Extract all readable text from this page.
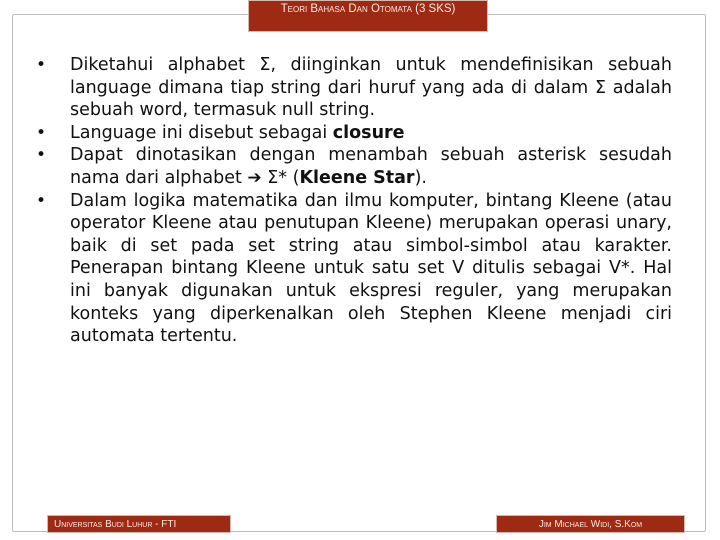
Teori Bahasa Dan Otomata (3 SKS)
• Diketahui alphabet Σ, diinginkan untuk mendefinisikan sebuah language dimana tiap string dari huruf yang ada di dalam Σ adalah sebuah word, termasuk null string.
• Language ini disebut sebagai closure
• Dapat dinotasikan dengan menambah sebuah asterisk sesudah nama dari alphabet ➔ Σ* (Kleene Star).
• Dalam logika matematika dan ilmu komputer, bintang Kleene (atau operator Kleene atau penutupan Kleene) merupakan operasi unary, baik di set pada set string atau simbol-simbol atau karakter. Penerapan bintang Kleene untuk satu set V ditulis sebagai V*. Hal ini banyak digunakan untuk ekspresi reguler, yang merupakan konteks yang diperkenalkan oleh Stephen Kleene menjadi ciri automata tertentu.
Universitas Budi Luhur - FTI	Jim Michael Widi, S.Kom
